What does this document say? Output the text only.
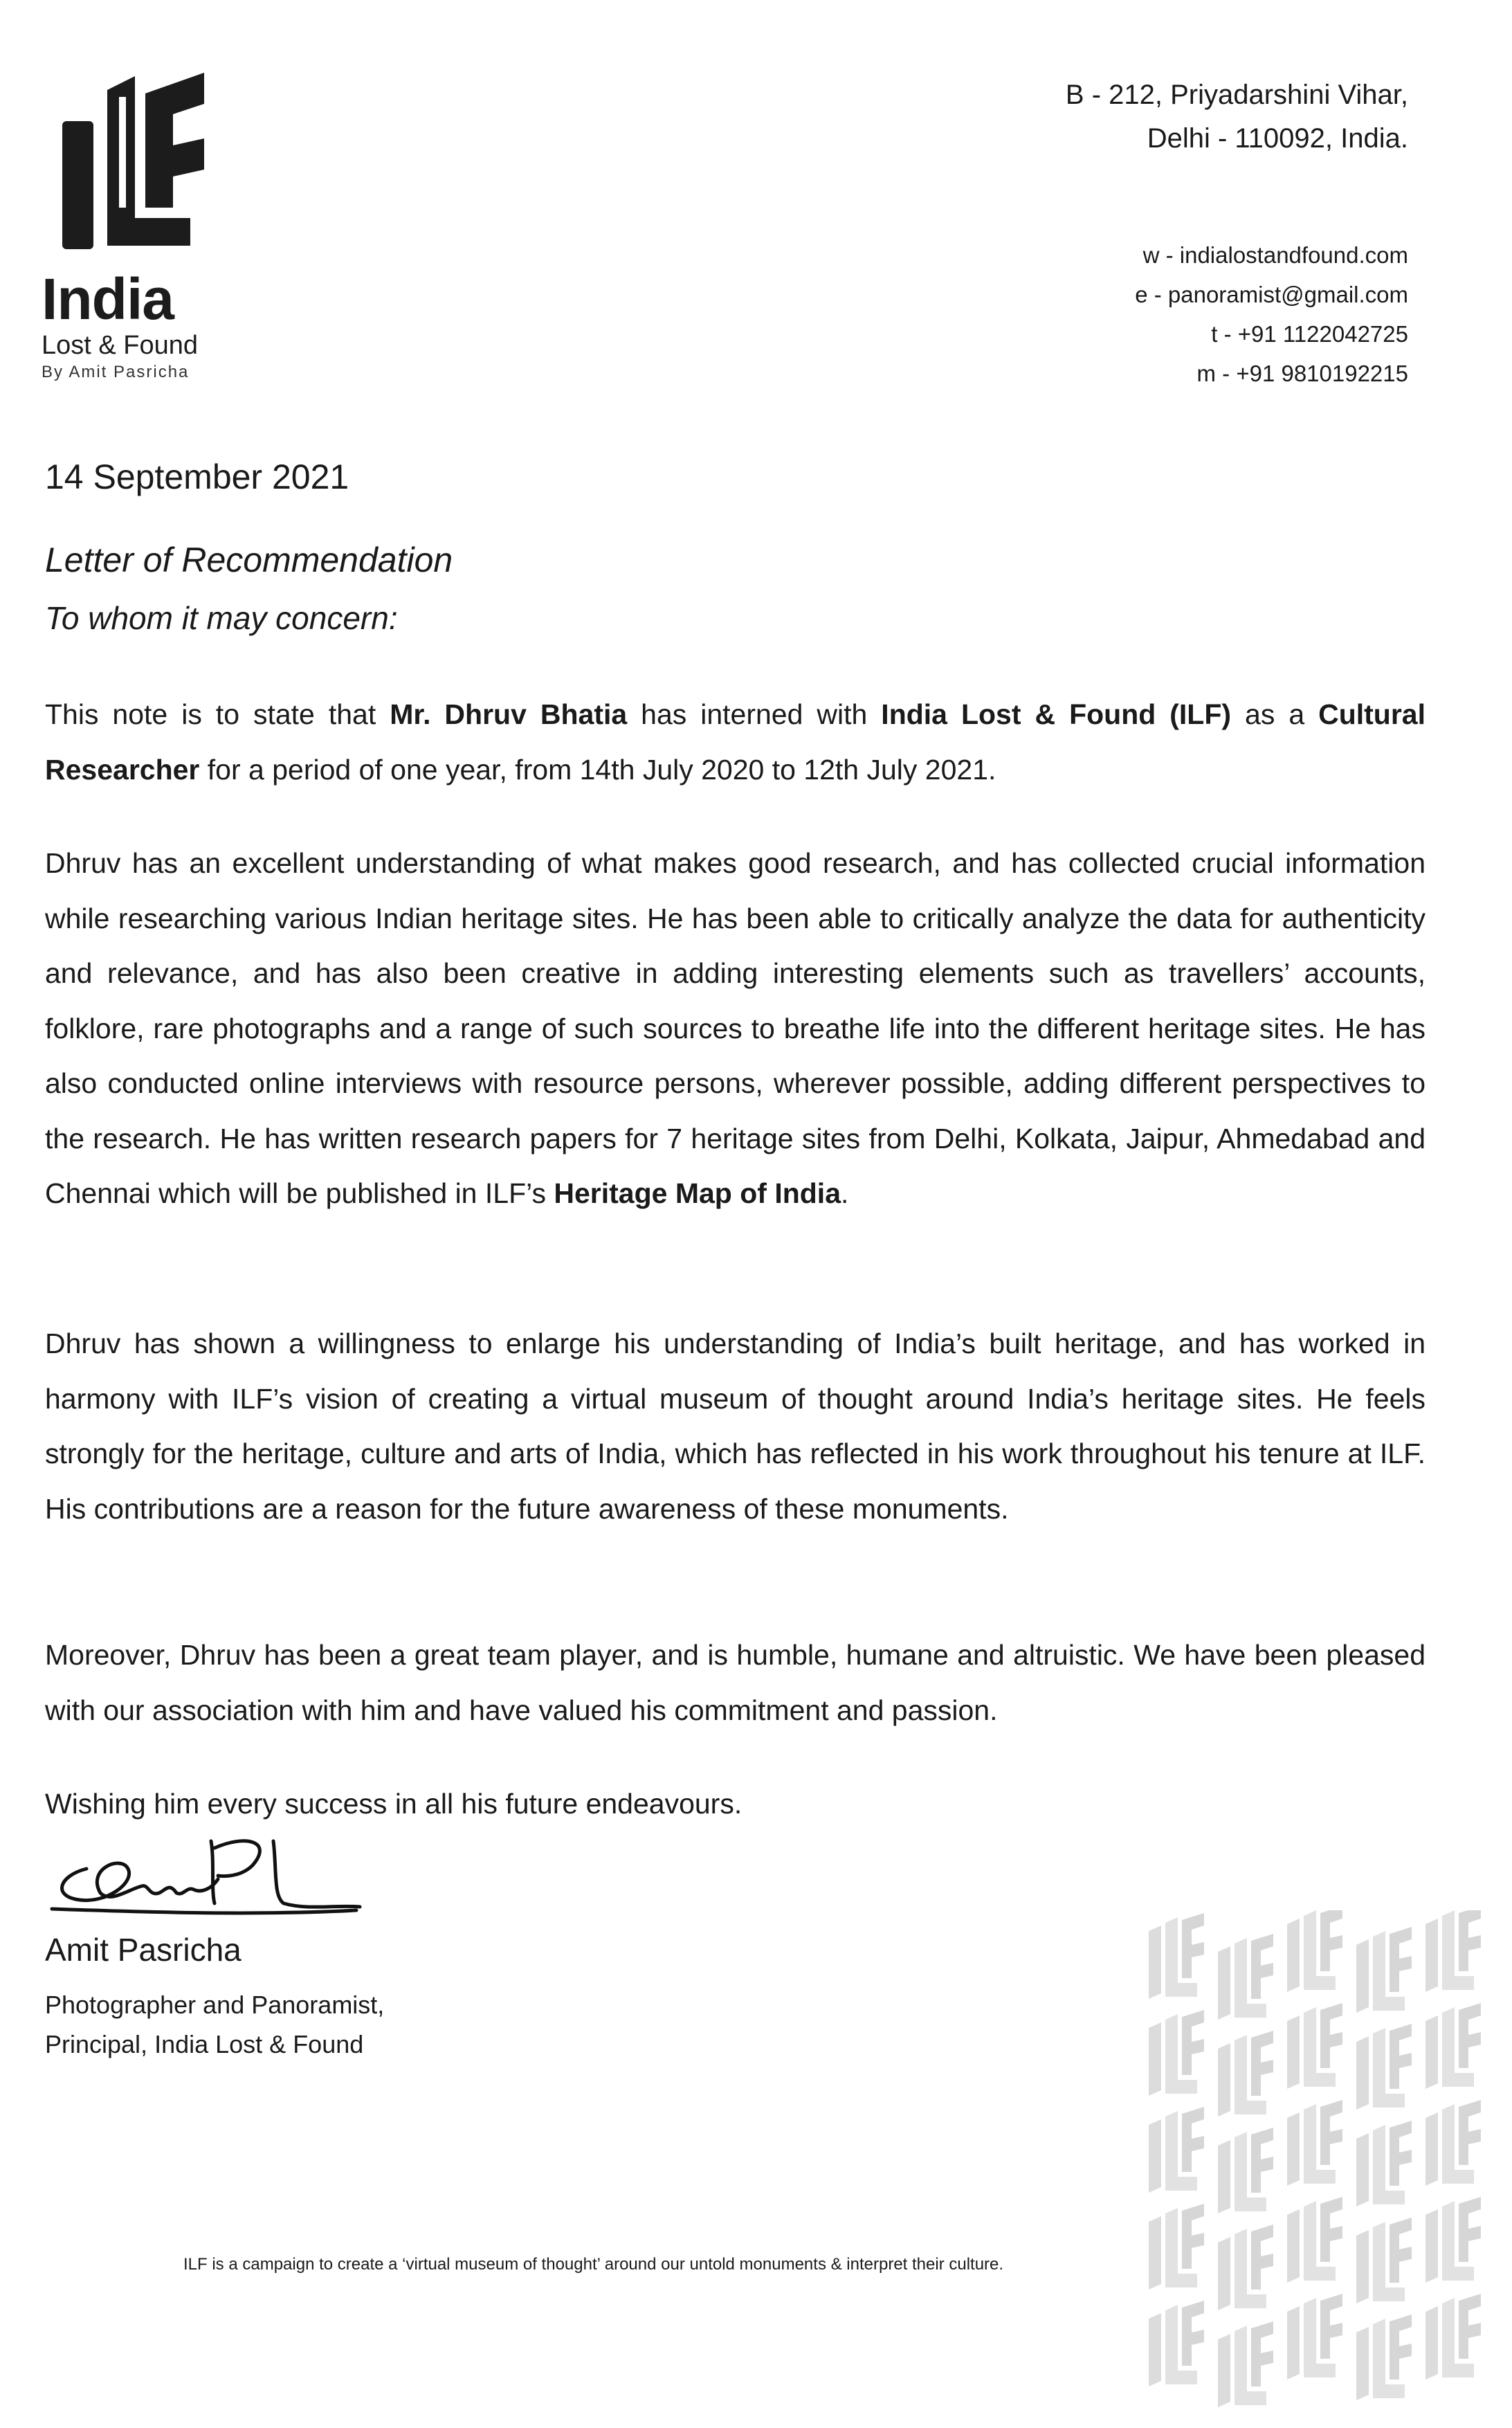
India
Lost & Found
By Amit Pasricha
B - 212, Priyadarshini Vihar,
Delhi - 110092, India.
w - indialostandfound.com
e - panoramist@gmail.com
t - +91 1122042725
m - +91 9810192215
14 September 2021
Letter of Recommendation
To whom it may concern:

This note is to state that Mr. Dhruv Bhatia has interned with India Lost & Found (ILF) as a Cultural Researcher for a period of one year, from 14th July 2020 to 12th July 2021.

Dhruv has an excellent understanding of what makes good research, and has collected crucial information while researching various Indian heritage sites. He has been able to critically analyze the data for authenticity and relevance, and has also been creative in adding interesting elements such as travellers’ accounts, folklore, rare photographs and a range of such sources to breathe life into the different heritage sites. He has also conducted online interviews with resource persons, wherever possible, adding different perspectives to the research. He has written research papers for 7 heritage sites from Delhi, Kolkata, Jaipur, Ahmedabad and Chennai which will be published in ILF’s Heritage Map of India.

Dhruv has shown a willingness to enlarge his understanding of India’s built heritage, and has worked in harmony with ILF’s vision of creating a virtual museum of thought around India’s heritage sites. He feels strongly for the heritage, culture and arts of India, which has reflected in his work throughout his tenure at ILF. His contributions are a reason for the future awareness of these monuments.

Moreover, Dhruv has been a great team player, and is humble, humane and altruistic. We have been pleased with our association with him and have valued his commitment and passion.

Wishing him every success in all his future endeavours.

Amit Pasricha
Photographer and Panoramist,
Principal, India Lost & Found
ILF is a campaign to create a ‘virtual museum of thought’ around our untold monuments & interpret their culture.
